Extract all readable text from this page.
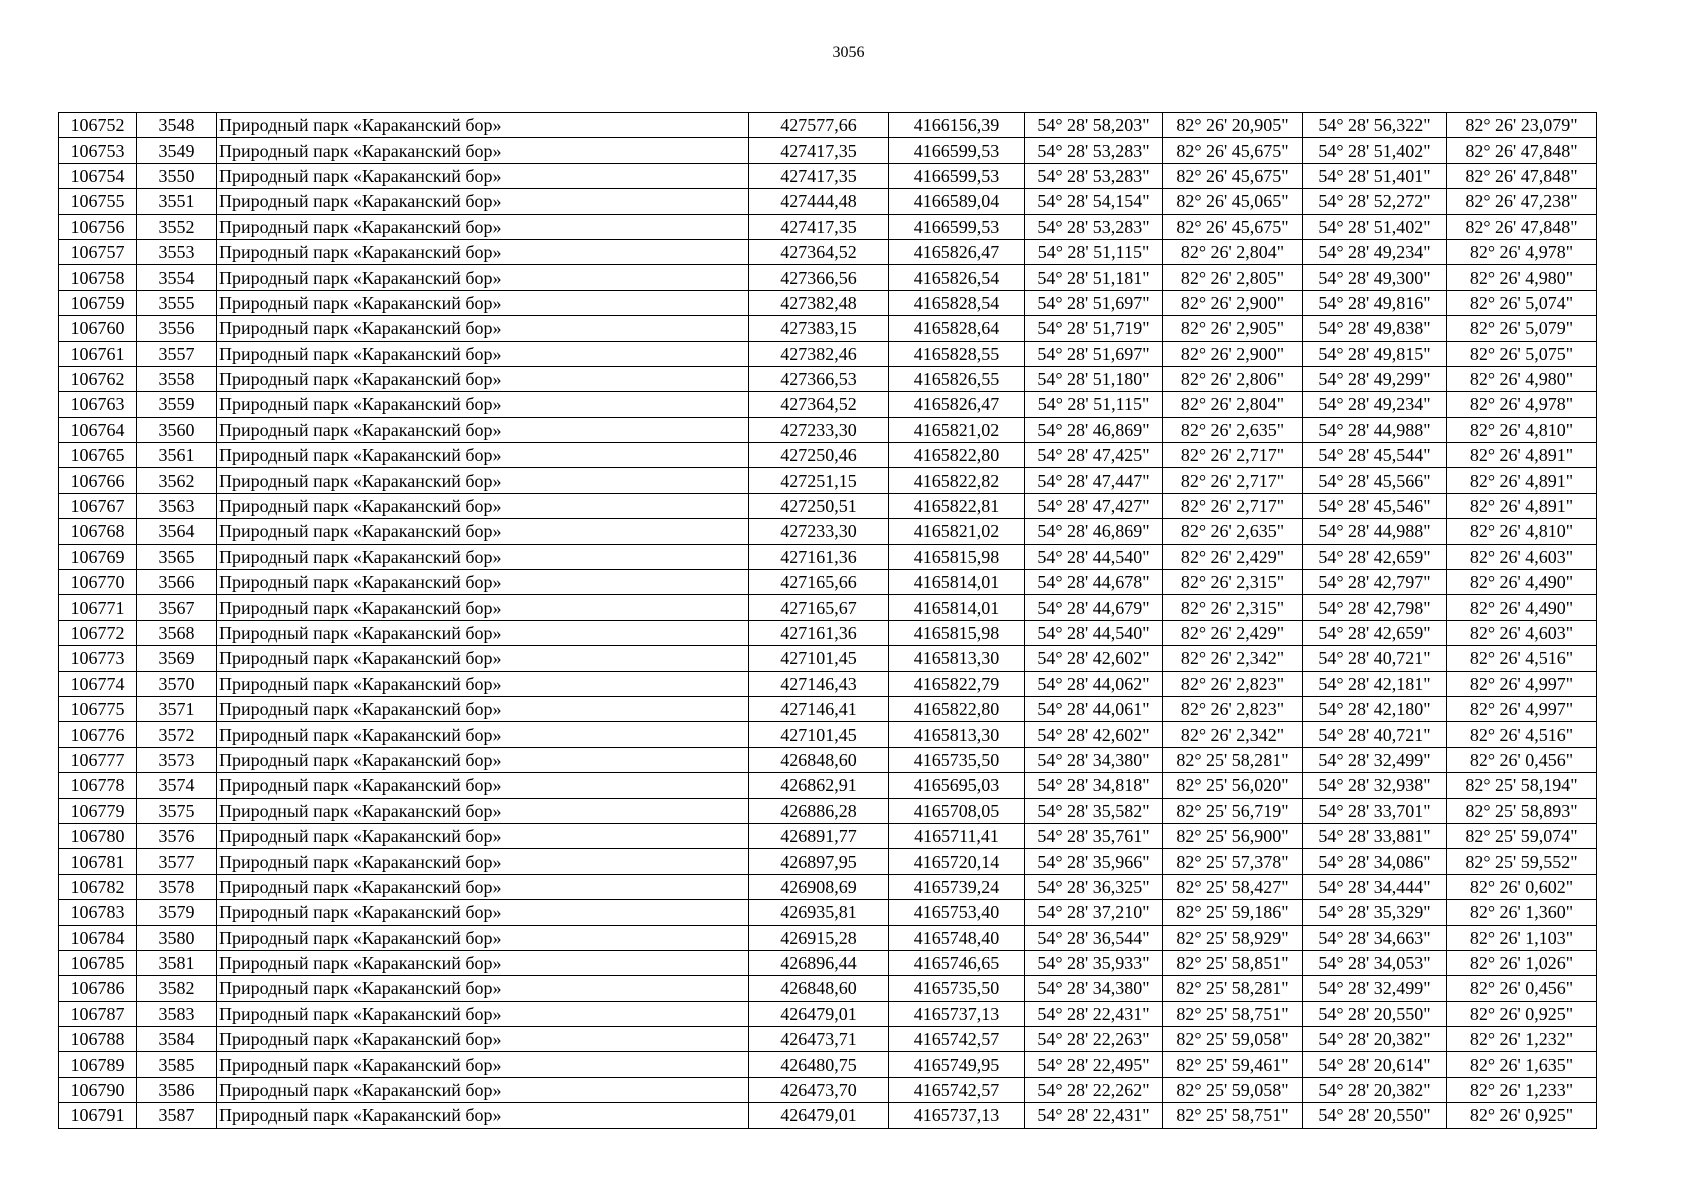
3056
106752	3548	Природный парк «Караканский бор»	427577,66	4166156,39	54° 28' 58,203"	82° 26' 20,905"	54° 28' 56,322"	82° 26' 23,079"
106753	3549	Природный парк «Караканский бор»	427417,35	4166599,53	54° 28' 53,283"	82° 26' 45,675"	54° 28' 51,402"	82° 26' 47,848"
106754	3550	Природный парк «Караканский бор»	427417,35	4166599,53	54° 28' 53,283"	82° 26' 45,675"	54° 28' 51,401"	82° 26' 47,848"
106755	3551	Природный парк «Караканский бор»	427444,48	4166589,04	54° 28' 54,154"	82° 26' 45,065"	54° 28' 52,272"	82° 26' 47,238"
106756	3552	Природный парк «Караканский бор»	427417,35	4166599,53	54° 28' 53,283"	82° 26' 45,675"	54° 28' 51,402"	82° 26' 47,848"
106757	3553	Природный парк «Караканский бор»	427364,52	4165826,47	54° 28' 51,115"	82° 26' 2,804"	54° 28' 49,234"	82° 26' 4,978"
106758	3554	Природный парк «Караканский бор»	427366,56	4165826,54	54° 28' 51,181"	82° 26' 2,805"	54° 28' 49,300"	82° 26' 4,980"
106759	3555	Природный парк «Караканский бор»	427382,48	4165828,54	54° 28' 51,697"	82° 26' 2,900"	54° 28' 49,816"	82° 26' 5,074"
106760	3556	Природный парк «Караканский бор»	427383,15	4165828,64	54° 28' 51,719"	82° 26' 2,905"	54° 28' 49,838"	82° 26' 5,079"
106761	3557	Природный парк «Караканский бор»	427382,46	4165828,55	54° 28' 51,697"	82° 26' 2,900"	54° 28' 49,815"	82° 26' 5,075"
106762	3558	Природный парк «Караканский бор»	427366,53	4165826,55	54° 28' 51,180"	82° 26' 2,806"	54° 28' 49,299"	82° 26' 4,980"
106763	3559	Природный парк «Караканский бор»	427364,52	4165826,47	54° 28' 51,115"	82° 26' 2,804"	54° 28' 49,234"	82° 26' 4,978"
106764	3560	Природный парк «Караканский бор»	427233,30	4165821,02	54° 28' 46,869"	82° 26' 2,635"	54° 28' 44,988"	82° 26' 4,810"
106765	3561	Природный парк «Караканский бор»	427250,46	4165822,80	54° 28' 47,425"	82° 26' 2,717"	54° 28' 45,544"	82° 26' 4,891"
106766	3562	Природный парк «Караканский бор»	427251,15	4165822,82	54° 28' 47,447"	82° 26' 2,717"	54° 28' 45,566"	82° 26' 4,891"
106767	3563	Природный парк «Караканский бор»	427250,51	4165822,81	54° 28' 47,427"	82° 26' 2,717"	54° 28' 45,546"	82° 26' 4,891"
106768	3564	Природный парк «Караканский бор»	427233,30	4165821,02	54° 28' 46,869"	82° 26' 2,635"	54° 28' 44,988"	82° 26' 4,810"
106769	3565	Природный парк «Караканский бор»	427161,36	4165815,98	54° 28' 44,540"	82° 26' 2,429"	54° 28' 42,659"	82° 26' 4,603"
106770	3566	Природный парк «Караканский бор»	427165,66	4165814,01	54° 28' 44,678"	82° 26' 2,315"	54° 28' 42,797"	82° 26' 4,490"
106771	3567	Природный парк «Караканский бор»	427165,67	4165814,01	54° 28' 44,679"	82° 26' 2,315"	54° 28' 42,798"	82° 26' 4,490"
106772	3568	Природный парк «Караканский бор»	427161,36	4165815,98	54° 28' 44,540"	82° 26' 2,429"	54° 28' 42,659"	82° 26' 4,603"
106773	3569	Природный парк «Караканский бор»	427101,45	4165813,30	54° 28' 42,602"	82° 26' 2,342"	54° 28' 40,721"	82° 26' 4,516"
106774	3570	Природный парк «Караканский бор»	427146,43	4165822,79	54° 28' 44,062"	82° 26' 2,823"	54° 28' 42,181"	82° 26' 4,997"
106775	3571	Природный парк «Караканский бор»	427146,41	4165822,80	54° 28' 44,061"	82° 26' 2,823"	54° 28' 42,180"	82° 26' 4,997"
106776	3572	Природный парк «Караканский бор»	427101,45	4165813,30	54° 28' 42,602"	82° 26' 2,342"	54° 28' 40,721"	82° 26' 4,516"
106777	3573	Природный парк «Караканский бор»	426848,60	4165735,50	54° 28' 34,380"	82° 25' 58,281"	54° 28' 32,499"	82° 26' 0,456"
106778	3574	Природный парк «Караканский бор»	426862,91	4165695,03	54° 28' 34,818"	82° 25' 56,020"	54° 28' 32,938"	82° 25' 58,194"
106779	3575	Природный парк «Караканский бор»	426886,28	4165708,05	54° 28' 35,582"	82° 25' 56,719"	54° 28' 33,701"	82° 25' 58,893"
106780	3576	Природный парк «Караканский бор»	426891,77	4165711,41	54° 28' 35,761"	82° 25' 56,900"	54° 28' 33,881"	82° 25' 59,074"
106781	3577	Природный парк «Караканский бор»	426897,95	4165720,14	54° 28' 35,966"	82° 25' 57,378"	54° 28' 34,086"	82° 25' 59,552"
106782	3578	Природный парк «Караканский бор»	426908,69	4165739,24	54° 28' 36,325"	82° 25' 58,427"	54° 28' 34,444"	82° 26' 0,602"
106783	3579	Природный парк «Караканский бор»	426935,81	4165753,40	54° 28' 37,210"	82° 25' 59,186"	54° 28' 35,329"	82° 26' 1,360"
106784	3580	Природный парк «Караканский бор»	426915,28	4165748,40	54° 28' 36,544"	82° 25' 58,929"	54° 28' 34,663"	82° 26' 1,103"
106785	3581	Природный парк «Караканский бор»	426896,44	4165746,65	54° 28' 35,933"	82° 25' 58,851"	54° 28' 34,053"	82° 26' 1,026"
106786	3582	Природный парк «Караканский бор»	426848,60	4165735,50	54° 28' 34,380"	82° 25' 58,281"	54° 28' 32,499"	82° 26' 0,456"
106787	3583	Природный парк «Караканский бор»	426479,01	4165737,13	54° 28' 22,431"	82° 25' 58,751"	54° 28' 20,550"	82° 26' 0,925"
106788	3584	Природный парк «Караканский бор»	426473,71	4165742,57	54° 28' 22,263"	82° 25' 59,058"	54° 28' 20,382"	82° 26' 1,232"
106789	3585	Природный парк «Караканский бор»	426480,75	4165749,95	54° 28' 22,495"	82° 25' 59,461"	54° 28' 20,614"	82° 26' 1,635"
106790	3586	Природный парк «Караканский бор»	426473,70	4165742,57	54° 28' 22,262"	82° 25' 59,058"	54° 28' 20,382"	82° 26' 1,233"
106791	3587	Природный парк «Караканский бор»	426479,01	4165737,13	54° 28' 22,431"	82° 25' 58,751"	54° 28' 20,550"	82° 26' 0,925"
